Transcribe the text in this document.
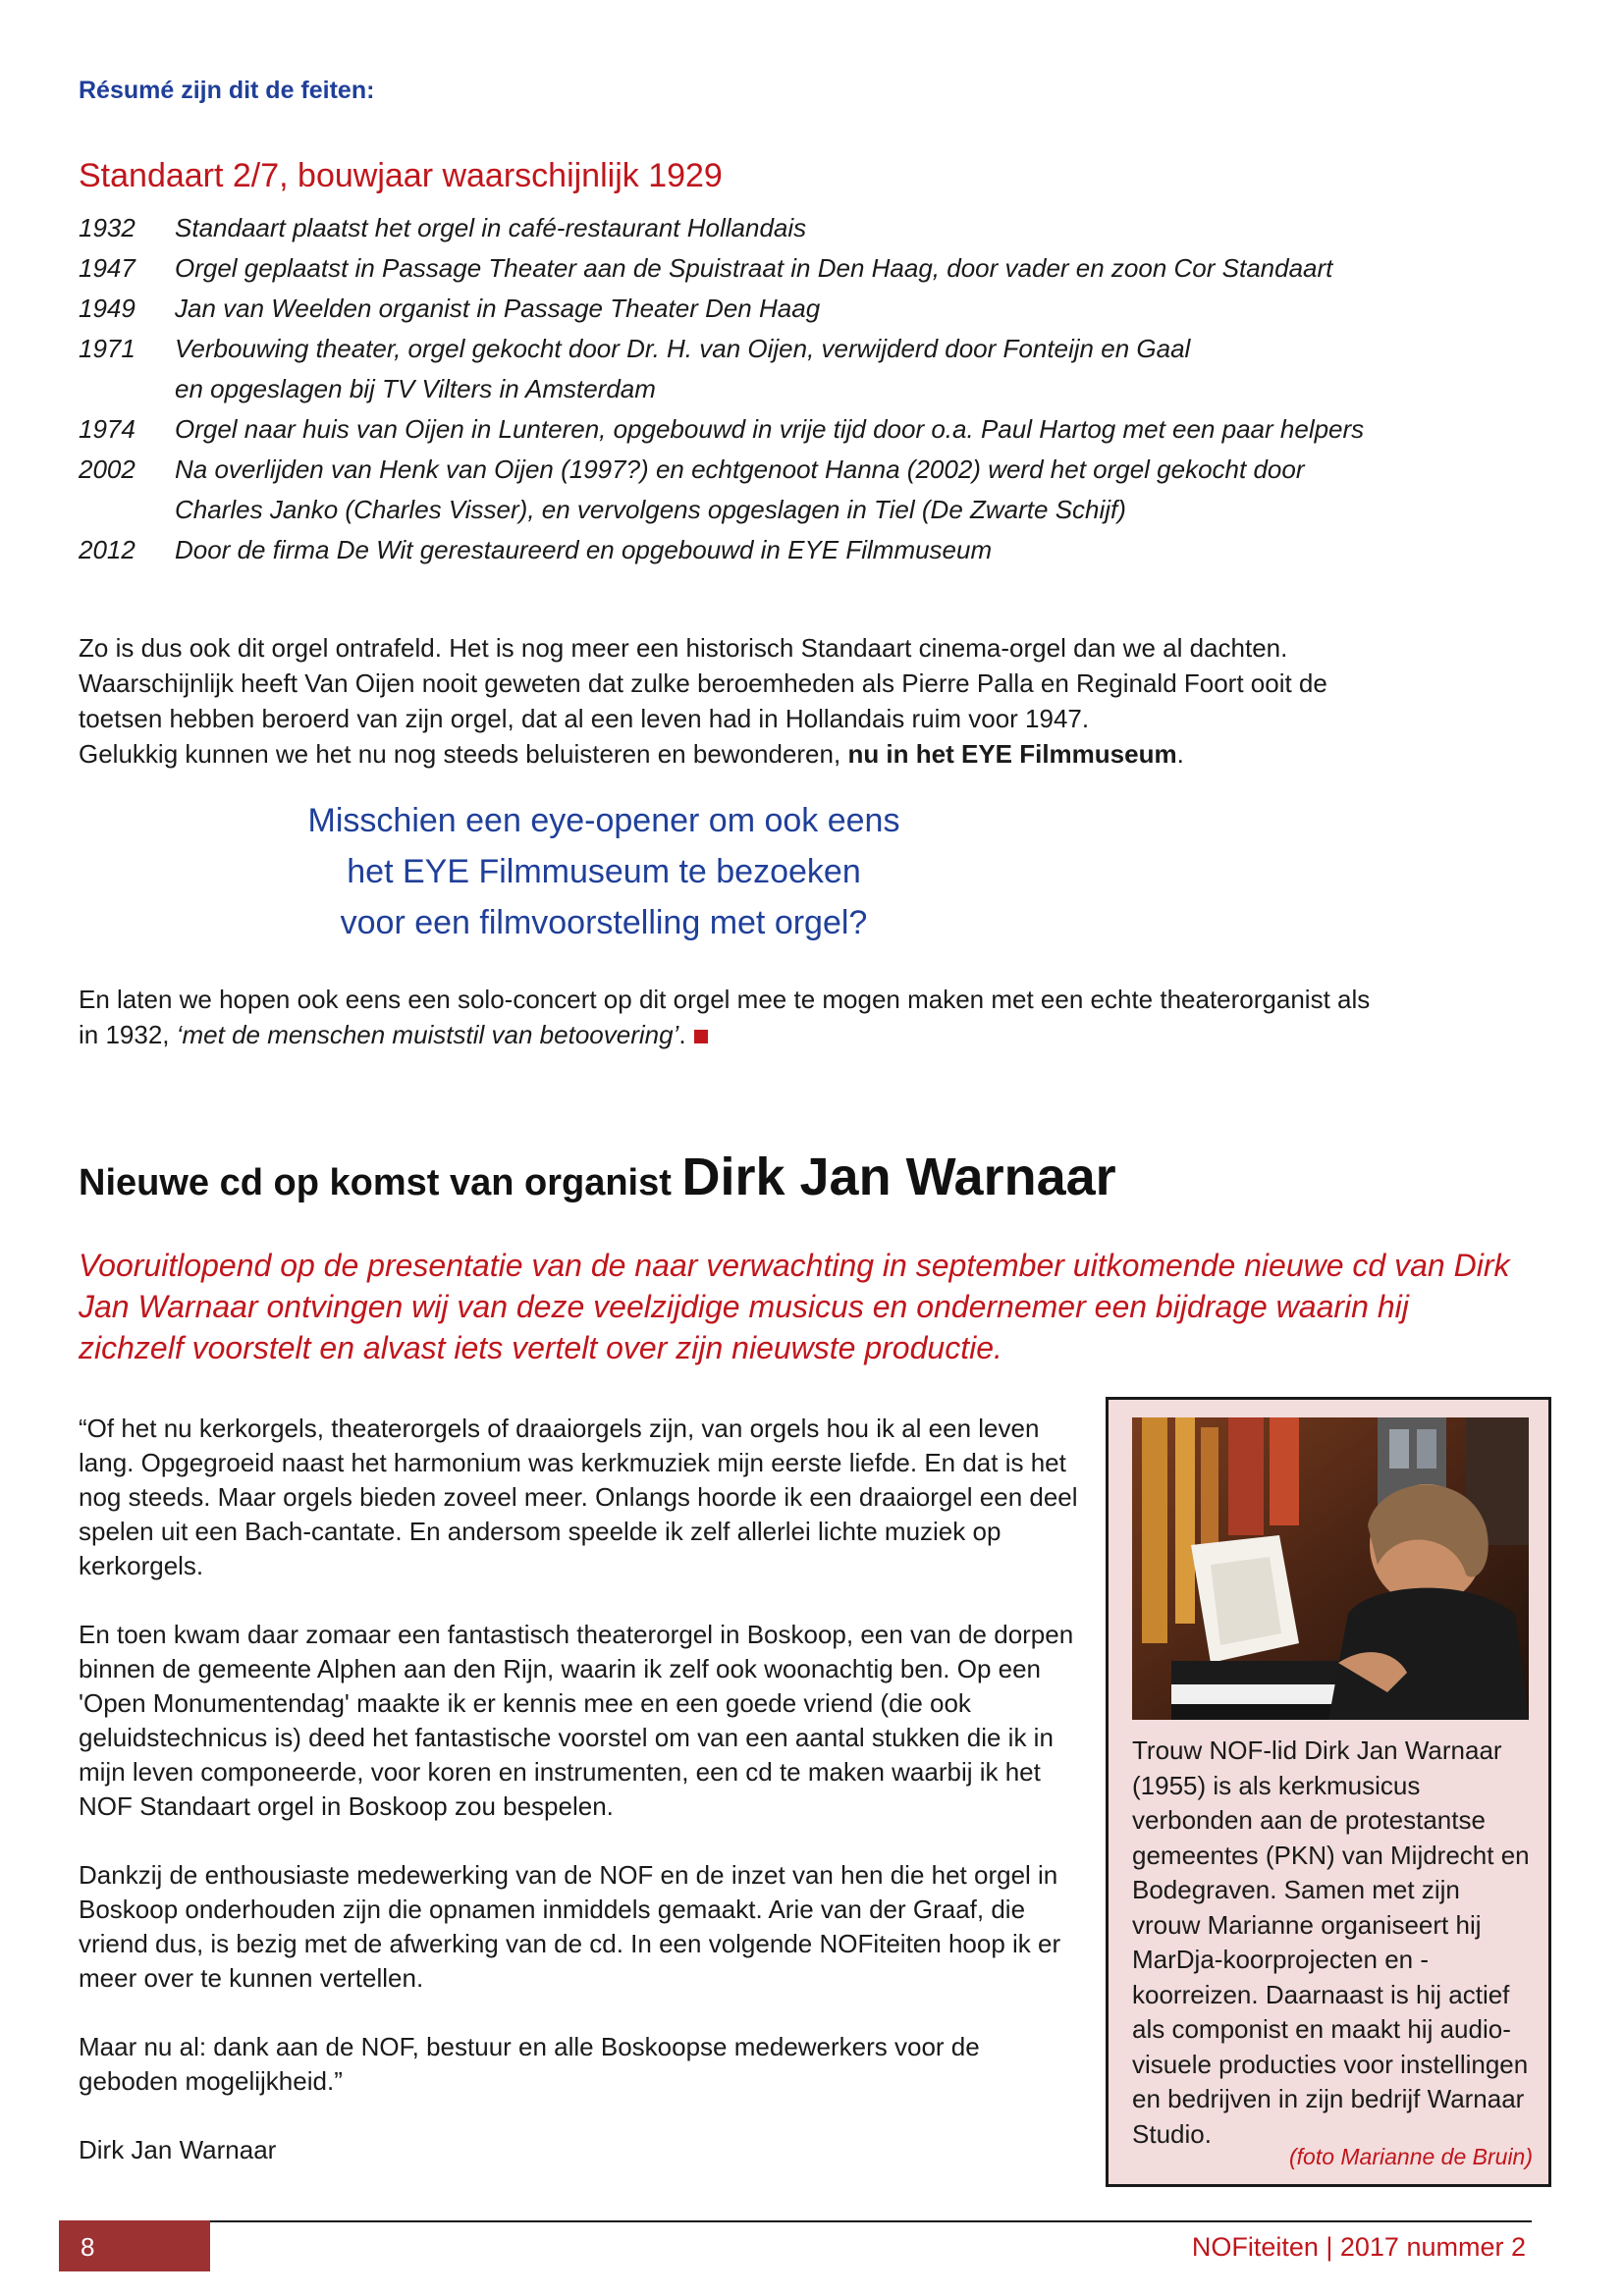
Résumé zijn dit de feiten:
Standaart 2/7, bouwjaar waarschijnlijk 1929
1932	Standaart plaatst het orgel in café-restaurant Hollandais
1947	Orgel geplaatst in Passage Theater aan de Spuistraat in Den Haag, door vader en zoon Cor Standaart
1949	Jan van Weelden organist in Passage Theater Den Haag
1971	Verbouwing theater, orgel gekocht door Dr. H. van Oijen, verwijderd door Fonteijn en Gaal
en opgeslagen bij TV Vilters in Amsterdam
1974	Orgel naar huis van Oijen in Lunteren, opgebouwd in vrije tijd door o.a. Paul Hartog met een paar helpers
2002	Na overlijden van Henk van Oijen (1997?) en echtgenoot Hanna (2002) werd het orgel gekocht door
Charles Janko (Charles Visser), en vervolgens opgeslagen in Tiel (De Zwarte Schijf)
2012	Door de firma De Wit gerestaureerd en opgebouwd in EYE Filmmuseum
Zo is dus ook dit orgel ontrafeld. Het is nog meer een historisch Standaart cinema-orgel dan we al dachten.
Waarschijnlijk heeft Van Oijen nooit geweten dat zulke beroemheden als Pierre Palla en Reginald Foort ooit de
toetsen hebben beroerd van zijn orgel, dat al een leven had in Hollandais ruim voor 1947.
Gelukkig kunnen we het nu nog steeds beluisteren en bewonderen, nu in het EYE Filmmuseum.
Misschien een eye-opener om ook eens
het EYE Filmmuseum te bezoeken
voor een filmvoorstelling met orgel?
En laten we hopen ook eens een solo-concert op dit orgel mee te mogen maken met een echte theaterorganist als
in 1932, ‘met de menschen muiststil van betoovering’.
Nieuwe cd op komst van organist Dirk Jan Warnaar
Vooruitlopend op de presentatie van de naar verwachting in september uitkomende nieuwe cd van Dirk Jan Warnaar ontvingen wij van deze veelzijdige musicus en ondernemer een bijdrage waarin hij zichzelf voorstelt en alvast iets vertelt over zijn nieuwste productie.

“Of het nu kerkorgels, theaterorgels of draaiorgels zijn, van orgels hou ik al een leven lang. Opgegroeid naast het harmonium was kerkmuziek mijn eerste liefde. En dat is het nog steeds. Maar orgels bieden zoveel meer. Onlangs hoorde ik een draaiorgel een deel spelen uit een Bach-cantate. En andersom speelde ik zelf allerlei lichte muziek op kerkorgels.

En toen kwam daar zomaar een fantastisch theaterorgel in Boskoop, een van de dorpen binnen de gemeente Alphen aan den Rijn, waarin ik zelf ook woonachtig ben. Op een 'Open Monumentendag' maakte ik er kennis mee en een goede vriend (die ook geluidstechnicus is) deed het fantastische voorstel om van een aantal stukken die ik in mijn leven componeerde, voor koren en instrumenten, een cd te maken waarbij ik het NOF Standaart orgel in Boskoop zou bespelen.

Dankzij de enthousiaste medewerking van de NOF en de inzet van hen die het orgel in Boskoop onderhouden zijn die opnamen inmiddels gemaakt. Arie van der Graaf, die vriend dus, is bezig met de afwerking van de cd. In een volgende NOFiteiten hoop ik er meer over te kunnen vertellen.

Maar nu al: dank aan de NOF, bestuur en alle Boskoopse medewerkers voor de geboden mogelijkheid.”

Dirk Jan Warnaar

Trouw NOF-lid Dirk Jan Warnaar (1955) is als kerkmusicus verbonden aan de protestantse gemeentes (PKN) van Mijdrecht en Bodegraven. Samen met zijn vrouw Marianne organiseert hij MarDja-koorprojecten en -koorreizen. Daarnaast is hij actief als componist en maakt hij audio-visuele producties voor instellingen en bedrijven in zijn bedrijf Warnaar Studio.
(foto Marianne de Bruin)
8	NOFiteiten | 2017 nummer 2
